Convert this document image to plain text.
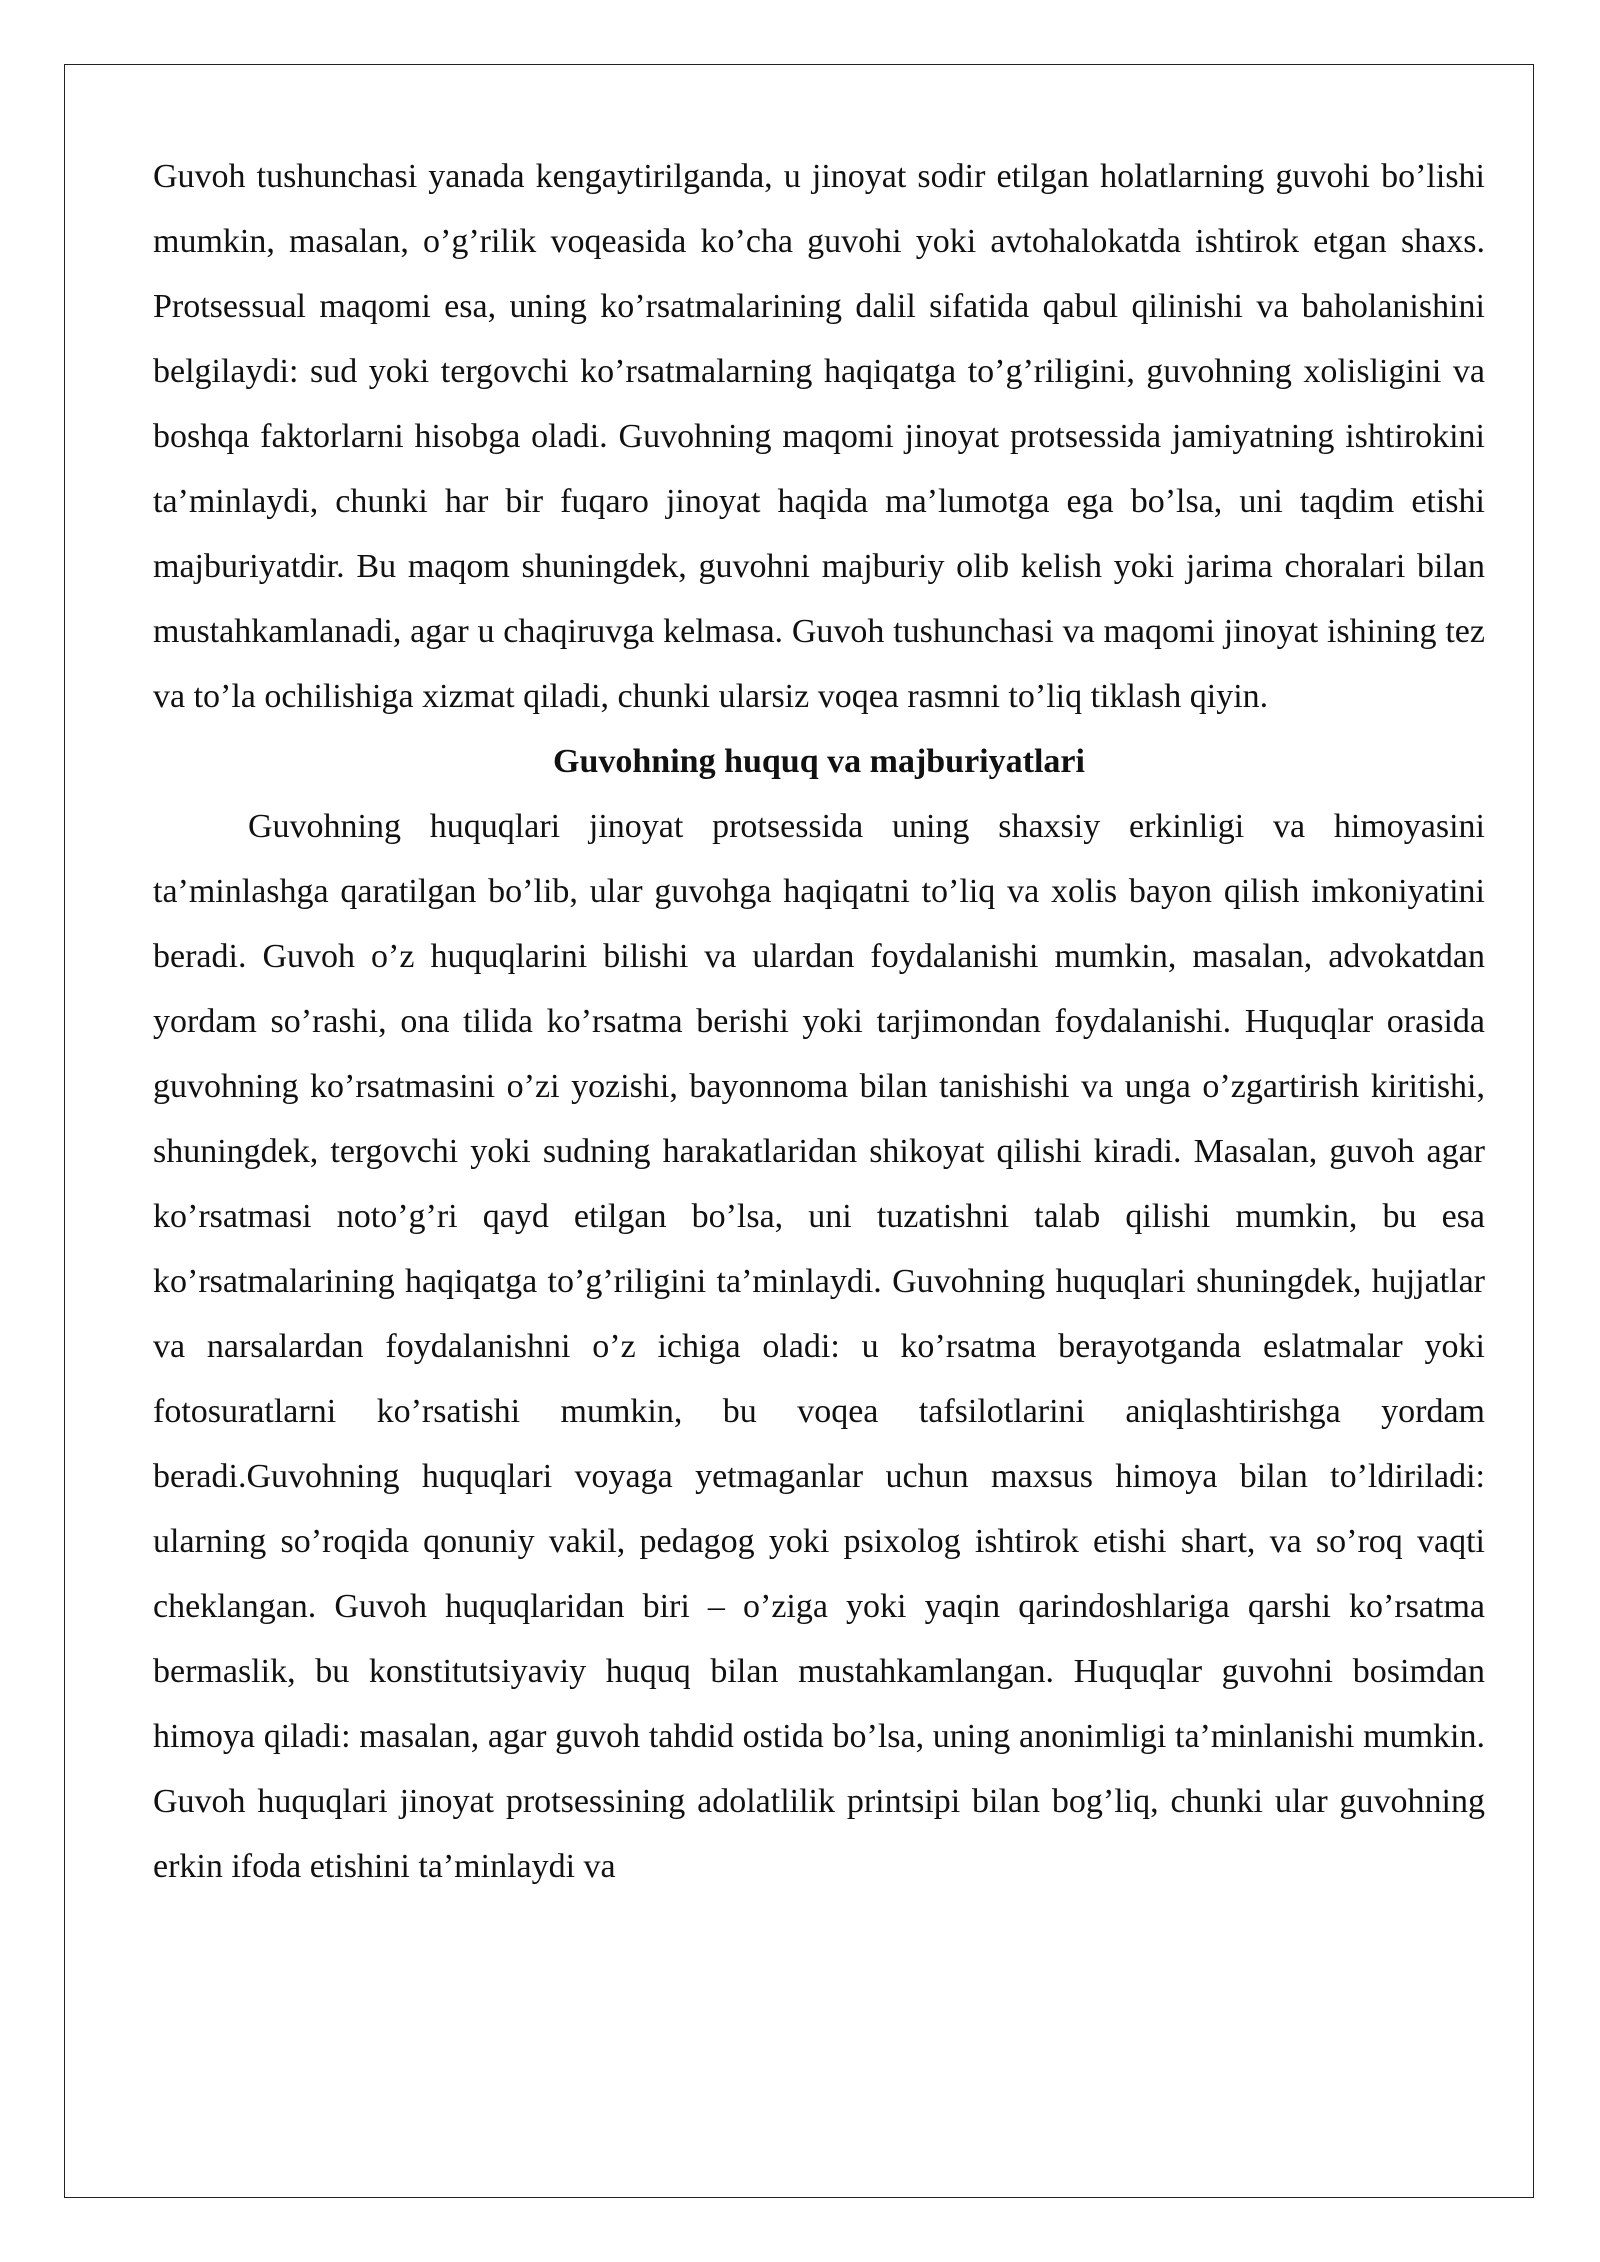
Guvoh tushunchasi yanada kengaytirilganda, u jinoyat sodir etilgan holatlarning guvohi bo’lishi mumkin, masalan, o’g’rilik voqeasida ko’cha guvohi yoki avtohalokatda ishtirok etgan shaxs. Protsessual maqomi esa, uning ko’rsatmalarining dalil sifatida qabul qilinishi va baholanishini belgilaydi: sud yoki tergovchi ko’rsatmalarning haqiqatga to’g’riligini, guvohning xolisligini va boshqa faktorlarni hisobga oladi. Guvohning maqomi jinoyat protsessida jamiyatning ishtirokini ta’minlaydi, chunki har bir fuqaro jinoyat haqida ma’lumotga ega bo’lsa, uni taqdim etishi majburiyatdir. Bu maqom shuningdek, guvohni majburiy olib kelish yoki jarima choralari bilan mustahkamlanadi, agar u chaqiruvga kelmasa. Guvoh tushunchasi va maqomi jinoyat ishining tez va to’la ochilishiga xizmat qiladi, chunki ularsiz voqea rasmni to’liq tiklash qiyin.

Guvohning huquq va majburiyatlari

Guvohning huquqlari jinoyat protsessida uning shaxsiy erkinligi va himoyasini ta’minlashga qaratilgan bo’lib, ular guvohga haqiqatni to’liq va xolis bayon qilish imkoniyatini beradi. Guvoh o’z huquqlarini bilishi va ulardan foydalanishi mumkin, masalan, advokatdan yordam so’rashi, ona tilida ko’rsatma berishi yoki tarjimondan foydalanishi. Huquqlar orasida guvohning ko’rsatmasini o’zi yozishi, bayonnoma bilan tanishishi va unga o’zgartirish kiritishi, shuningdek, tergovchi yoki sudning harakatlaridan shikoyat qilishi kiradi. Masalan, guvoh agar ko’rsatmasi noto’g’ri qayd etilgan bo’lsa, uni tuzatishni talab qilishi mumkin, bu esa ko’rsatmalarining haqiqatga to’g’riligini ta’minlaydi. Guvohning huquqlari shuningdek, hujjatlar va narsalardan foydalanishni o’z ichiga oladi: u ko’rsatma berayotganda eslatmalar yoki fotosuratlarni ko’rsatishi mumkin, bu voqea tafsilotlarini aniqlashtirishga yordam beradi.Guvohning huquqlari voyaga yetmaganlar uchun maxsus himoya bilan to’ldiriladi: ularning so’roqida qonuniy vakil, pedagog yoki psixolog ishtirok etishi shart, va so’roq vaqti cheklangan. Guvoh huquqlaridan biri – o’ziga yoki yaqin qarindoshlariga qarshi ko’rsatma bermaslik, bu konstitutsiyaviy huquq bilan mustahkamlangan. Huquqlar guvohni bosimdan himoya qiladi: masalan, agar guvoh tahdid ostida bo’lsa, uning anonimligi ta’minlanishi mumkin. Guvoh huquqlari jinoyat protsessining adolatlilik printsipi bilan bog’liq, chunki ular guvohning erkin ifoda etishini ta’minlaydi va
